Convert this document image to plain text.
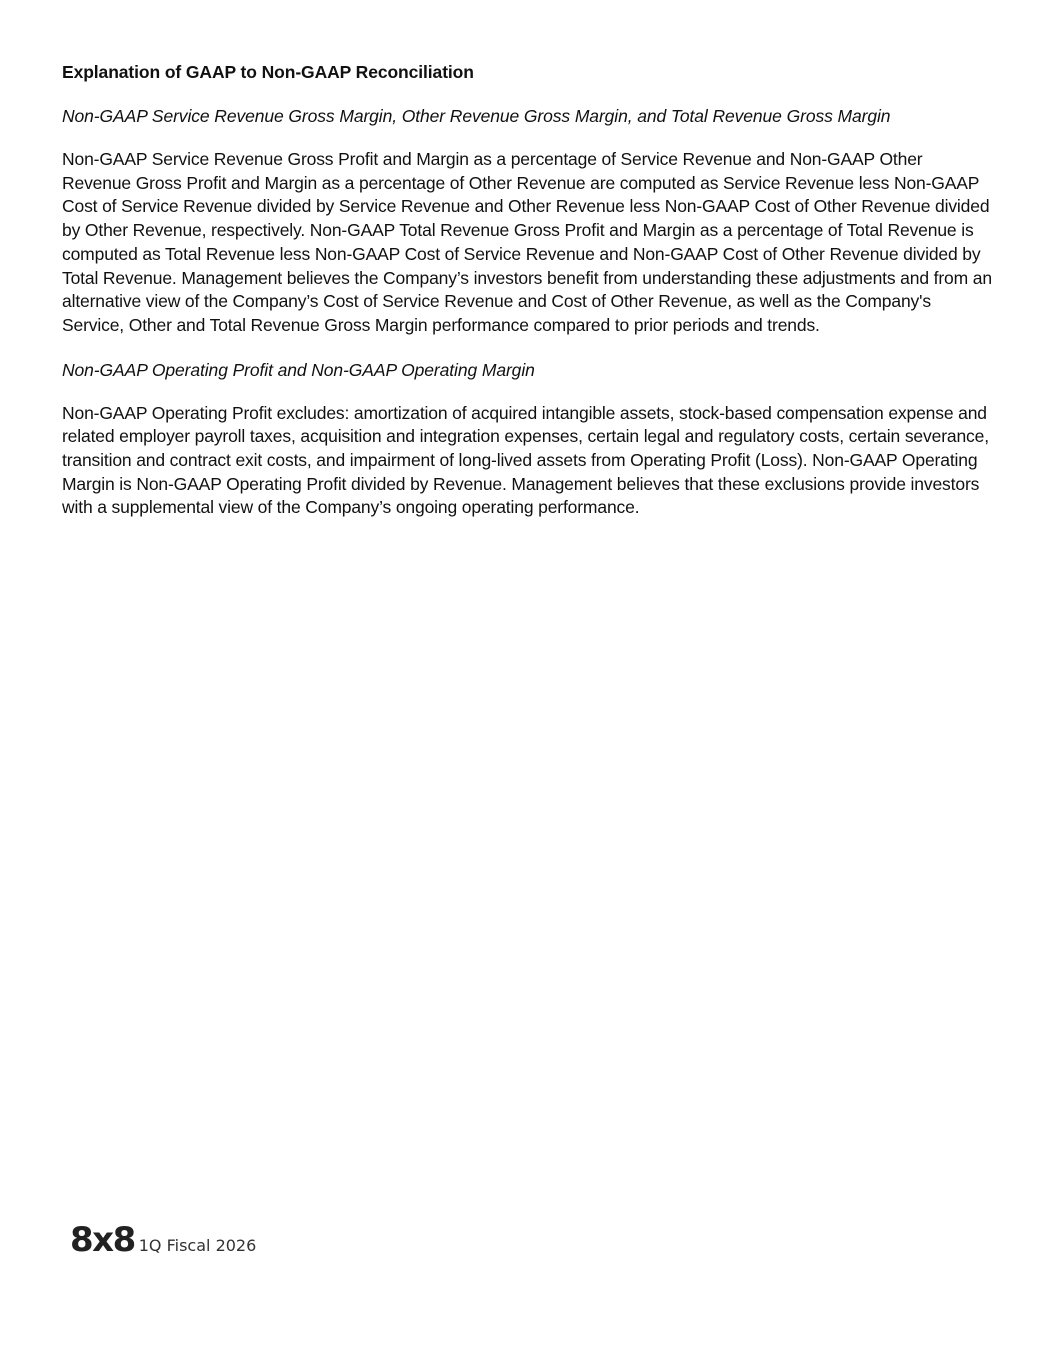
Explanation of GAAP to Non-GAAP Reconciliation
Non-GAAP Service Revenue Gross Margin, Other Revenue Gross Margin, and Total Revenue Gross Margin
Non-GAAP Service Revenue Gross Profit and Margin as a percentage of Service Revenue and Non-GAAP Other Revenue Gross Profit and Margin as a percentage of Other Revenue are computed as Service Revenue less Non-GAAP Cost of Service Revenue divided by Service Revenue and Other Revenue less Non-GAAP Cost of Other Revenue divided by Other Revenue, respectively. Non-GAAP Total Revenue Gross Profit and Margin as a percentage of Total Revenue is computed as Total Revenue less Non-GAAP Cost of Service Revenue and Non-GAAP Cost of Other Revenue divided by Total Revenue. Management believes the Company’s investors benefit from understanding these adjustments and from an alternative view of the Company’s Cost of Service Revenue and Cost of Other Revenue, as well as the Company's Service, Other and Total Revenue Gross Margin performance compared to prior periods and trends.
Non-GAAP Operating Profit and Non-GAAP Operating Margin
Non-GAAP Operating Profit excludes: amortization of acquired intangible assets, stock-based compensation expense and related employer payroll taxes, acquisition and integration expenses, certain legal and regulatory costs, certain severance, transition and contract exit costs, and impairment of long-lived assets from Operating Profit (Loss). Non-GAAP Operating Margin is Non-GAAP Operating Profit divided by Revenue. Management believes that these exclusions provide investors with a supplemental view of the Company’s ongoing operating performance.
8x8 1Q Fiscal 2026
